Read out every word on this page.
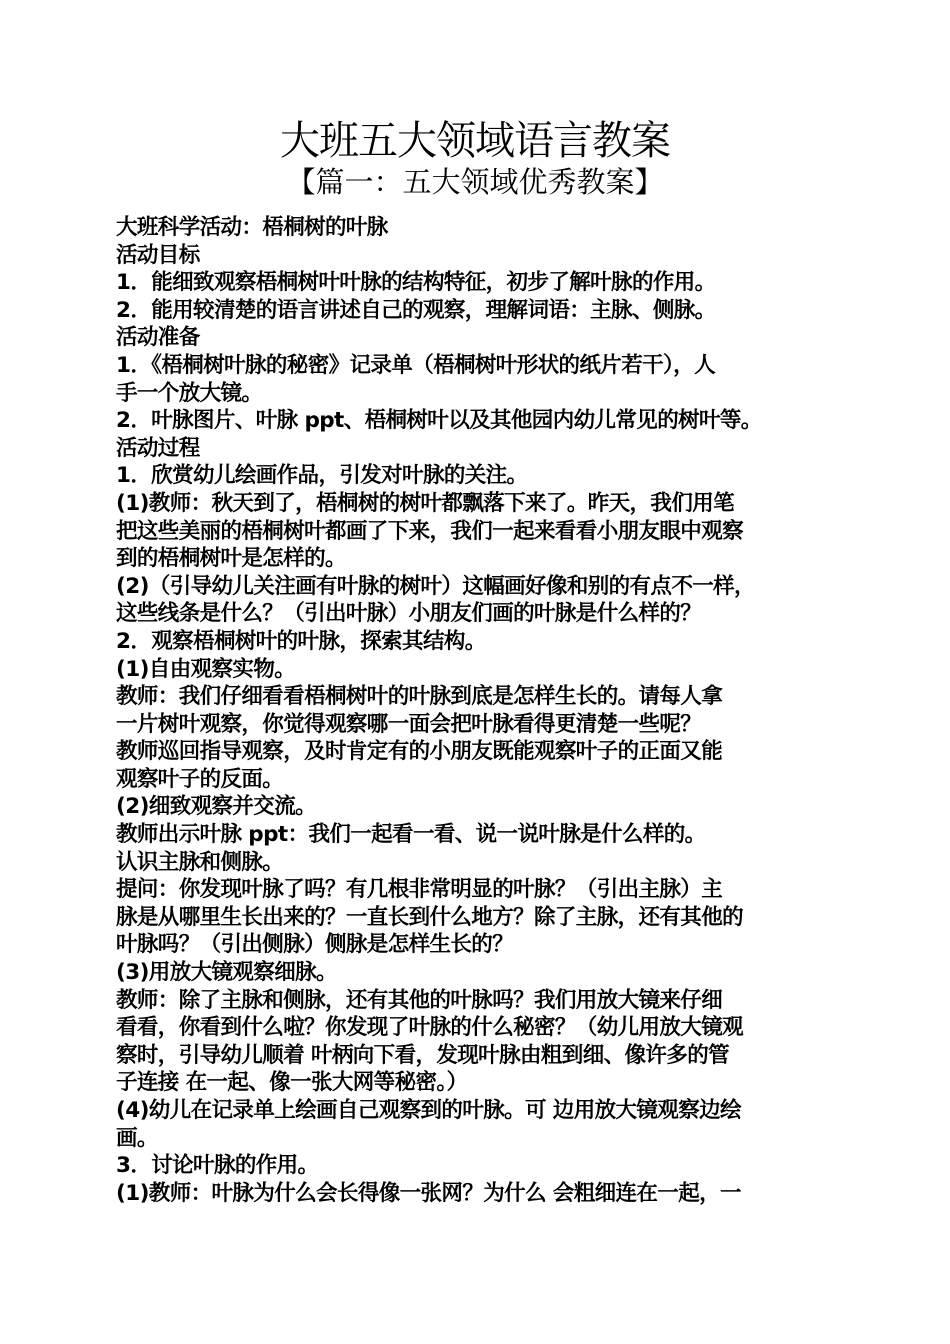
大班五大领域语言教案
【篇一：五大领域优秀教案】
大班科学活动：梧桐树的叶脉
活动目标
1．能细致观察梧桐树叶叶脉的结构特征，初步了解叶脉的作用。
2．能用较清楚的语言讲述自己的观察，理解词语：主脉、侧脉。
活动准备
1．《梧桐树叶脉的秘密》记录单（梧桐树叶形状的纸片若干），人
手一个放大镜。
2．叶脉图片、叶脉 ppt、梧桐树叶以及其他园内幼儿常见的树叶等。
活动过程
1．欣赏幼儿绘画作品，引发对叶脉的关注。
(1)教师：秋天到了，梧桐树的树叶都飘落下来了。昨天，我们用笔
把这些美丽的梧桐树叶都画了下来，我们一起来看看小朋友眼中观察
到的梧桐树叶是怎样的。
(2)（引导幼儿关注画有叶脉的树叶）这幅画好像和别的有点不一样，
这些线条是什么？（引出叶脉）小朋友们画的叶脉是什么样的？
2．观察梧桐树叶的叶脉，探索其结构。
(1)自由观察实物。
教师：我们仔细看看梧桐树叶的叶脉到底是怎样生长的。请每人拿
一片树叶观察，你觉得观察哪一面会把叶脉看得更清楚一些呢？
教师巡回指导观察，及时肯定有的小朋友既能观察叶子的正面又能
观察叶子的反面。
(2)细致观察并交流。
教师出示叶脉 ppt：我们一起看一看、说一说叶脉是什么样的。
认识主脉和侧脉。
提问：你发现叶脉了吗？有几根非常明显的叶脉？（引出主脉）主
脉是从哪里生长出来的？一直长到什么地方？除了主脉，还有其他的
叶脉吗？（引出侧脉）侧脉是怎样生长的？
(3)用放大镜观察细脉。
教师：除了主脉和侧脉，还有其他的叶脉吗？我们用放大镜来仔细
看看，你看到什么啦？你发现了叶脉的什么秘密？（幼儿用放大镜观
察时，引导幼儿顺着 叶柄向下看，发现叶脉由粗到细、像许多的管
子连接 在一起、像一张大网等秘密。）
(4)幼儿在记录单上绘画自己观察到的叶脉。可 边用放大镜观察边绘
画。
3．讨论叶脉的作用。
(1)教师：叶脉为什么会长得像一张网？为什么 会粗细连在一起，一
